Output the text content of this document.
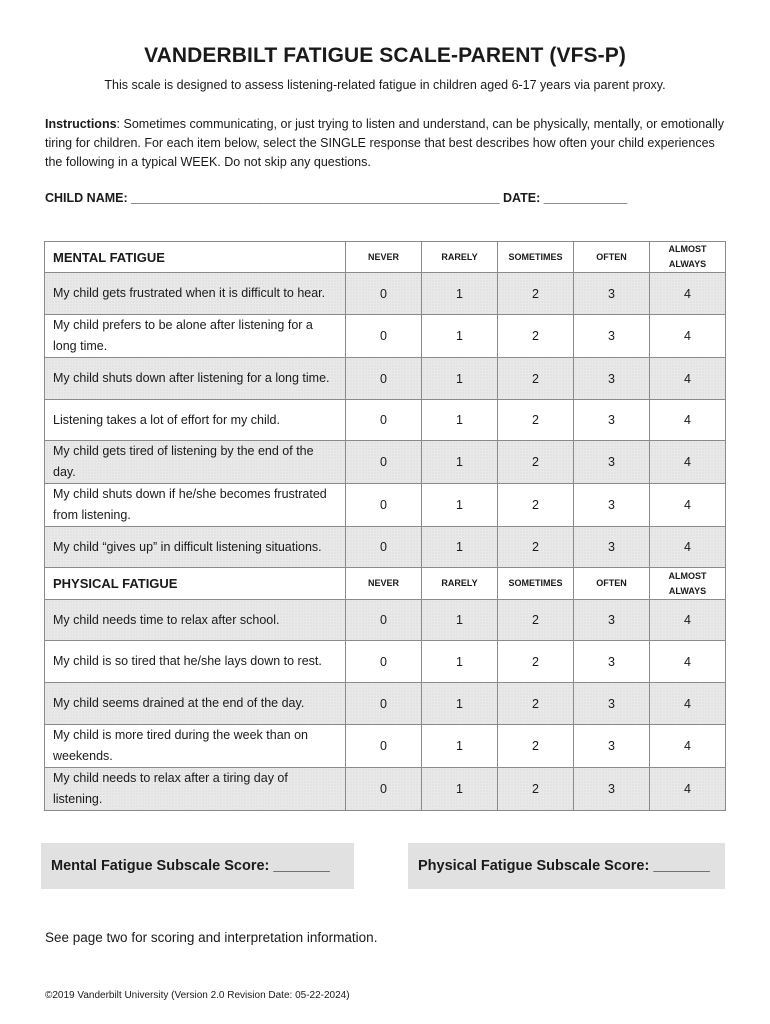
VANDERBILT FATIGUE SCALE-PARENT (VFS-P)
This scale is designed to assess listening-related fatigue in children aged 6-17 years via parent proxy.
Instructions: Sometimes communicating, or just trying to listen and understand, can be physically, mentally, or emotionally tiring for children. For each item below, select the SINGLE response that best describes how often your child experiences the following in a typical WEEK. Do not skip any questions.
CHILD NAME: _____________________________________________________ DATE: ____________
MENTAL FATIGUE	NEVER	RARELY	SOMETIMES	OFTEN	ALMOST ALWAYS
My child gets frustrated when it is difficult to hear.	0	1	2	3	4
My child prefers to be alone after listening for a long time.	0	1	2	3	4
My child shuts down after listening for a long time.	0	1	2	3	4
Listening takes a lot of effort for my child.	0	1	2	3	4
My child gets tired of listening by the end of the day.	0	1	2	3	4
My child shuts down if he/she becomes frustrated from listening.	0	1	2	3	4
My child “gives up” in difficult listening situations.	0	1	2	3	4
PHYSICAL FATIGUE	NEVER	RARELY	SOMETIMES	OFTEN	ALMOST ALWAYS
My child needs time to relax after school.	0	1	2	3	4
My child is so tired that he/she lays down to rest.	0	1	2	3	4
My child seems drained at the end of the day.	0	1	2	3	4
My child is more tired during the week than on weekends.	0	1	2	3	4
My child needs to relax after a tiring day of listening.	0	1	2	3	4
Mental Fatigue Subscale Score: _______	Physical Fatigue Subscale Score: _______
See page two for scoring and interpretation information.
©2019 Vanderbilt University (Version 2.0 Revision Date: 05-22-2024)
